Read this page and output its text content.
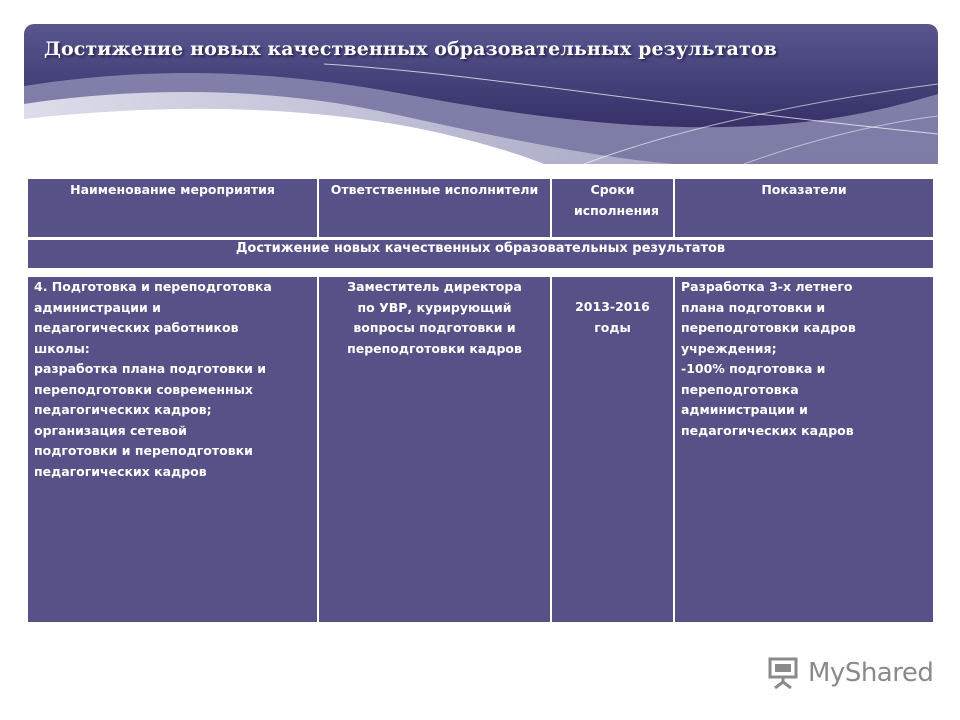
Достижение новых качественных образовательных результатов
Наименование мероприятия	Ответственные исполнители	Сроки исполнения
Показатели
Достижение новых качественных образовательных результатов
4. Подготовка и переподготовка
администрации и
педагогических работников
школы:
разработка плана подготовки и
переподготовки современных
педагогических кадров;
организация сетевой
подготовки и переподготовки
педагогических кадров
Заместитель директора
по УВР, курирующий
вопросы подготовки и
переподготовки кадров
2013-2016
годы
Разработка 3-х летнего
плана подготовки и
переподготовки кадров
учреждения;
-100% подготовка и
переподготовка
администрации и
педагогических кадров
MyShared
